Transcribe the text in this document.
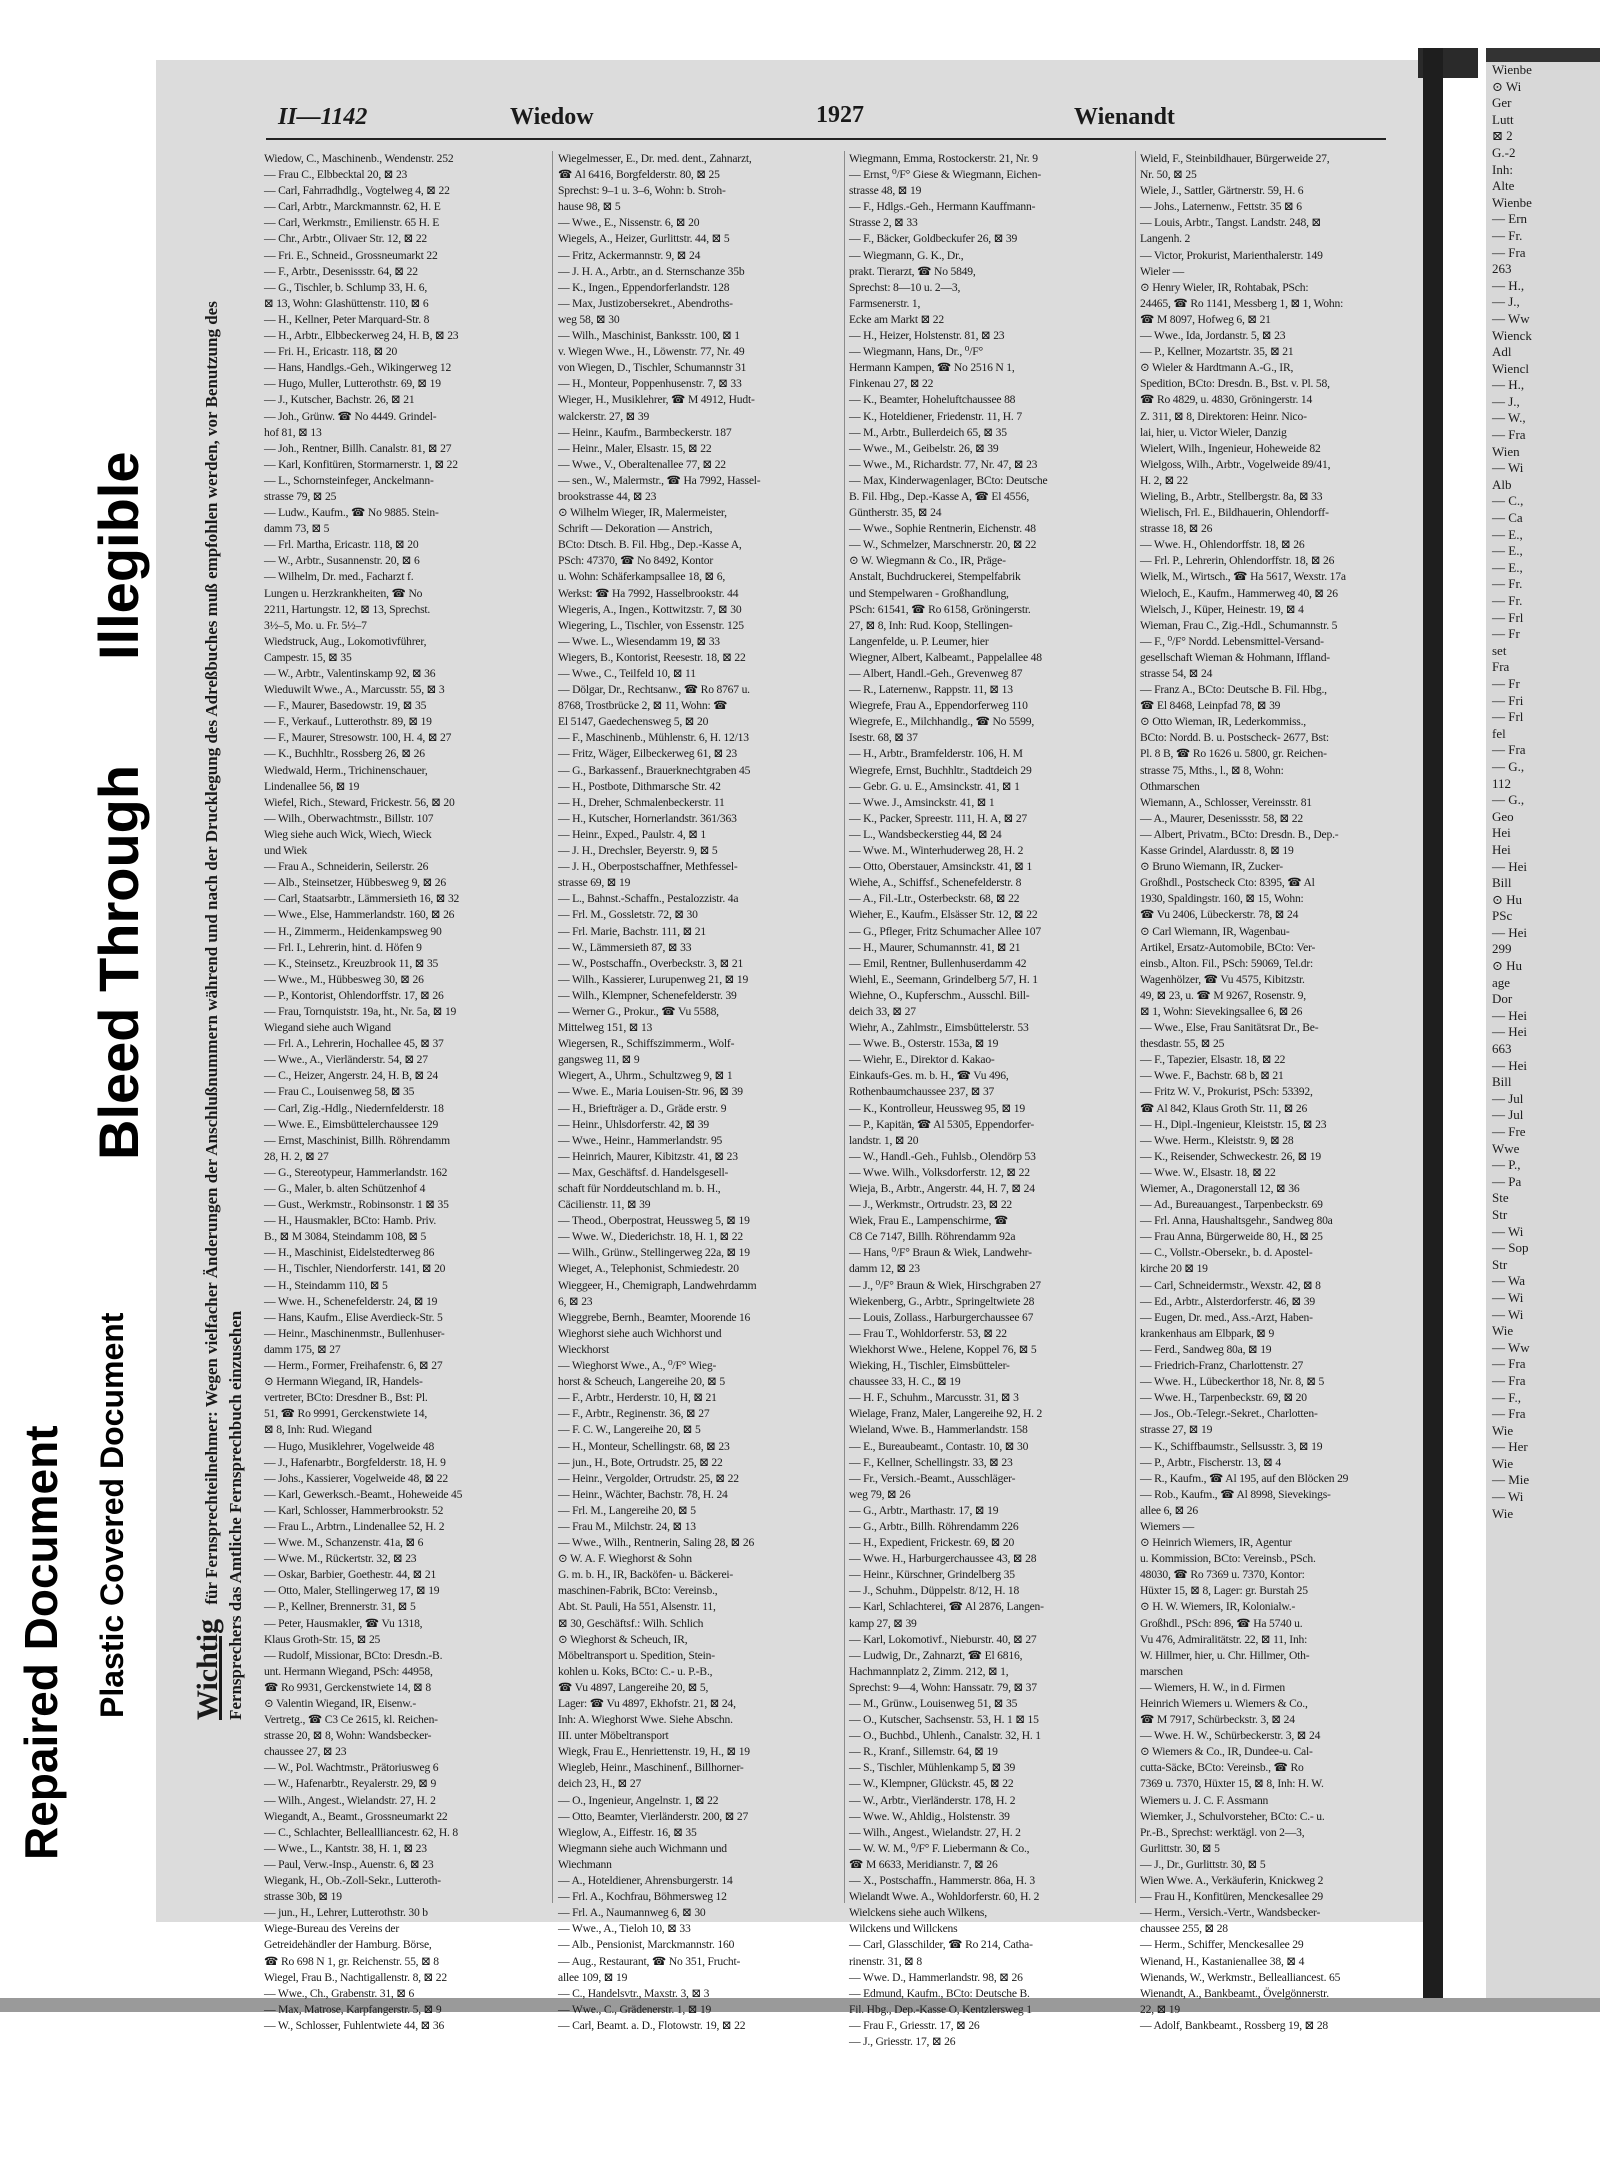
Repaired Document Plastic Covered Document
Bleed Through
Illegible
Wienbe
⊙ Wi
Ger
Lutt
⊠ 2
G.-2
Inh:
Alte
Wienbe
— Ern
— Fr.
— Fra
263
— H.,
— J.,
— Ww
Wienck
Adl
Wiencl
— H.,
— J.,
— W.,
— Fra
Wien
— Wi
Alb
— C.,
— Ca
— E.,
— E.,
— E.,
— Fr.
— Fr.
— Frl
— Fr
set
Fra
— Fr
— Fri
— Frl
fel
— Fra
— G.,
112
— G.,
Geo
Hei
Hei
— Hei
Bill
⊙ Hu
PSc
— Hei
299
⊙ Hu
age
Dor
— Hei
— Hei
663
— Hei
Bill
— Jul
— Jul
— Fre
Wwe
— P.,
— Pa
Ste
Str
— Wi
— Sop
Str
— Wa
— Wi
— Wi
Wie
— Ww
— Fra
— Fra
— F.,
— Fra
Wie
— Her
Wie
— Mie
— Wi
Wie
II—1142	Wiedow	1927	Wienandt
Wichtig für Fernsprechteilnehmer: Wegen vielfacher Änderungen der Anschlußnummern während und nach der Drucklegung des Adreßbuches muß empfohlen werden, vor Benutzung des Fernsprechers das Amtliche Fernsprechbuch einzusehen
Wiedow, C., Maschinenb., Wendenstr. 252
— Frau C., Elbbecktal 20, ⊠ 23
— Carl, Fahrradhdlg., Vogtelweg 4, ⊠ 22
— Carl, Arbtr., Marckmannstr. 62, H. E
— Carl, Werkmstr., Emilienstr. 65 H. E
— Chr., Arbtr., Olivaer Str. 12, ⊠ 22
— Fri. E., Schneid., Grossneumarkt 22
— F., Arbtr., Desenissstr. 64, ⊠ 22
— G., Tischler, b. Schlump 33, H. 6,
⊠ 13, Wohn: Glashüttenstr. 110, ⊠ 6
— H., Kellner, Peter Marquard-Str. 8
— H., Arbtr., Elbbeckerweg 24, H. B, ⊠ 23
— Fri. H., Ericastr. 118, ⊠ 20
— Hans, Handlgs.-Geh., Wikingerweg 12
— Hugo, Muller, Lutterothstr. 69, ⊠ 19
— J., Kutscher, Bachstr. 26, ⊠ 21
— Joh., Grünw. ☎ No 4449. Grindel-
hof 81, ⊠ 13
— Joh., Rentner, Billh. Canalstr. 81, ⊠ 27
— Karl, Konfitüren, Stormarnerstr. 1, ⊠ 22
— L., Schornsteinfeger, Anckelmann-
strasse 79, ⊠ 25
— Ludw., Kaufm., ☎ No 9885. Stein-
damm 73, ⊠ 5
— Frl. Martha, Ericastr. 118, ⊠ 20
— W., Arbtr., Susannenstr. 20, ⊠ 6
— Wilhelm, Dr. med., Facharzt f.
Lungen u. Herzkrankheiten, ☎ No
2211, Hartungstr. 12, ⊠ 13, Sprechst.
3½–5, Mo. u. Fr. 5½–7
Wiedstruck, Aug., Lokomotivführer,
Campestr. 15, ⊠ 35
— W., Arbtr., Valentinskamp 92, ⊠ 36
Wieduwilt Wwe., A., Marcusstr. 55, ⊠ 3
— F., Maurer, Basedowstr. 19, ⊠ 35
— F., Verkauf., Lutterothstr. 89, ⊠ 19
— F., Maurer, Stresowstr. 100, H. 4, ⊠ 27
— K., Buchhltr., Rossberg 26, ⊠ 26
Wiedwald, Herm., Trichinenschauer,
Lindenallee 56, ⊠ 19
Wiefel, Rich., Steward, Frickestr. 56, ⊠ 20
— Wilh., Oberwachtmstr., Billstr. 107
Wieg siehe auch Wick, Wiech, Wieck
und Wiek
— Frau A., Schneiderin, Seilerstr. 26
— Alb., Steinsetzer, Hübbesweg 9, ⊠ 26
— Carl, Staatsarbtr., Lämmersieth 16, ⊠ 32
— Wwe., Else, Hammerlandstr. 160, ⊠ 26
— H., Zimmerm., Heidenkampsweg 90
— Frl. I., Lehrerin, hint. d. Höfen 9
— K., Steinsetz., Kreuzbrook 11, ⊠ 35
— Wwe., M., Hübbesweg 30, ⊠ 26
— P., Kontorist, Ohlendorffstr. 17, ⊠ 26
— Frau, Tornquiststr. 19a, ht., Nr. 5a, ⊠ 19
Wiegand siehe auch Wigand
— Frl. A., Lehrerin, Hochallee 45, ⊠ 37
— Wwe., A., Vierländerstr. 54, ⊠ 27
— C., Heizer, Angerstr. 24, H. B, ⊠ 24
— Frau C., Louisenweg 58, ⊠ 35
— Carl, Zig.-Hdlg., Niedernfelderstr. 18
— Wwe. E., Eimsbüttelerchaussee 129
— Ernst, Maschinist, Billh. Röhrendamm
28, H. 2, ⊠ 27
— G., Stereotypeur, Hammerlandstr. 162
— G., Maler, b. alten Schützenhof 4
— Gust., Werkmstr., Robinsonstr. 1 ⊠ 35
— H., Hausmakler, BCto: Hamb. Priv.
B., ⊠ M 3084, Steindamm 108, ⊠ 5
— H., Maschinist, Eidelstedterweg 86
— H., Tischler, Niendorferstr. 141, ⊠ 20
— H., Steindamm 110, ⊠ 5
— Wwe. H., Schenefelderstr. 24, ⊠ 19
— Hans, Kaufm., Elise Averdieck-Str. 5
— Heinr., Maschinenmstr., Bullenhuser-
damm 175, ⊠ 27
— Herm., Former, Freihafenstr. 6, ⊠ 27
⊙ Hermann Wiegand, IR, Handels-
vertreter, BCto: Dresdner B., Bst: Pl.
51, ☎ Ro 9991, Gerckenstwiete 14,
⊠ 8, Inh: Rud. Wiegand
— Hugo, Musiklehrer, Vogelweide 48
— J., Hafenarbtr., Borgfelderstr. 18, H. 9
— Johs., Kassierer, Vogelweide 48, ⊠ 22
— Karl, Gewerksch.-Beamt., Hoheweide 45
— Karl, Schlosser, Hammerbrookstr. 52
— Frau L., Arbtrn., Lindenallee 52, H. 2
— Wwe. M., Schanzenstr. 41a, ⊠ 6
— Wwe. M., Rückertstr. 32, ⊠ 23
— Oskar, Barbier, Goethestr. 44, ⊠ 21
— Otto, Maler, Stellingerweg 17, ⊠ 19
— P., Kellner, Brennerstr. 31, ⊠ 5
— Peter, Hausmakler, ☎ Vu 1318,
Klaus Groth-Str. 15, ⊠ 25
— Rudolf, Missionar, BCto: Dresdn.-B.
unt. Hermann Wiegand, PSch: 44958,
☎ Ro 9931, Gerckenstwiete 14, ⊠ 8
⊙ Valentin Wiegand, IR, Eisenw.-
Vertretg., ☎ C3 Ce 2615, kl. Reichen-
strasse 20, ⊠ 8, Wohn: Wandsbecker-
chaussee 27, ⊠ 23
— W., Pol. Wachtmstr., Prätoriusweg 6
— W., Hafenarbtr., Reyalerstr. 29, ⊠ 9
— Wilh., Angest., Wielandstr. 27, H. 2
Wiegandt, A., Beamt., Grossneumarkt 22
— C., Schlachter, Belleallliancestr. 62, H. 8
— Wwe., L., Kantstr. 38, H. 1, ⊠ 23
— Paul, Verw.-Insp., Auenstr. 6, ⊠ 23
Wiegank, H., Ob.-Zoll-Sekr., Lutteroth-
strasse 30b, ⊠ 19
— jun., H., Lehrer, Lutterothstr. 30 b
Wiege-Bureau des Vereins der
Getreidehändler der Hamburg. Börse,
☎ Ro 698 N 1, gr. Reichenstr. 55, ⊠ 8
Wiegel, Frau B., Nachtigallenstr. 8, ⊠ 22
— Wwe., Ch., Grabenstr. 31, ⊠ 6
— Max, Matrose, Karpfangerstr. 5, ⊠ 9
— W., Schlosser, Fuhlentwiete 44, ⊠ 36
Wiegelmesser, E., Dr. med. dent., Zahnarzt,
☎ Al 6416, Borgfelderstr. 80, ⊠ 25
Sprechst: 9–1 u. 3–6, Wohn: b. Stroh-
hause 98, ⊠ 5
— Wwe., E., Nissenstr. 6, ⊠ 20
Wiegels, A., Heizer, Gurlittstr. 44, ⊠ 5
— Fritz, Ackermannstr. 9, ⊠ 24
— J. H. A., Arbtr., an d. Sternschanze 35b
— K., Ingen., Eppendorferlandstr. 128
— Max, Justizobersekret., Abendroths-
weg 58, ⊠ 30
— Wilh., Maschinist, Banksstr. 100, ⊠ 1
v. Wiegen Wwe., H., Löwenstr. 77, Nr. 49
von Wiegen, D., Tischler, Schumannstr 31
— H., Monteur, Poppenhusenstr. 7, ⊠ 33
Wieger, H., Musiklehrer, ☎ M 4912, Hudt-
walckerstr. 27, ⊠ 39
— Heinr., Kaufm., Barmbeckerstr. 187
— Heinr., Maler, Elsastr. 15, ⊠ 22
— Wwe., V., Oberaltenallee 77, ⊠ 22
— sen., W., Malermstr., ☎ Ha 7992, Hassel-
brookstrasse 44, ⊠ 23
⊙ Wilhelm Wieger, IR, Malermeister,
Schrift — Dekoration — Anstrich,
BCto: Dtsch. B. Fil. Hbg., Dep.-Kasse A,
PSch: 47370, ☎ No 8492, Kontor
u. Wohn: Schäferkampsallee 18, ⊠ 6,
Werkst: ☎ Ha 7992, Hasselbrookstr. 44
Wiegeris, A., Ingen., Kottwitzstr. 7, ⊠ 30
Wiegering, L., Tischler, von Essenstr. 125
— Wwe. L., Wiesendamm 19, ⊠ 33
Wiegers, B., Kontorist, Reesestr. 18, ⊠ 22
— Wwe., C., Teilfeld 10, ⊠ 11
— Dölgar, Dr., Rechtsanw., ☎ Ro 8767 u.
8768, Trostbrücke 2, ⊠ 11, Wohn: ☎
El 5147, Gaedechensweg 5, ⊠ 20
— F., Maschinenb., Mühlenstr. 6, H. 12/13
— Fritz, Wäger, Eilbeckerweg 61, ⊠ 23
— G., Barkassenf., Brauerknechtgraben 45
— H., Postbote, Dithmarsche Str. 42
— H., Dreher, Schmalenbeckerstr. 11
— H., Kutscher, Hornerlandstr. 361/363
— Heinr., Exped., Paulstr. 4, ⊠ 1
— J. H., Drechsler, Beyerstr. 9, ⊠ 5
— J. H., Oberpostschaffner, Methfessel-
strasse 69, ⊠ 19
— L., Bahnst.-Schaffn., Pestalozzistr. 4a
— Frl. M., Gossletstr. 72, ⊠ 30
— Frl. Marie, Bachstr. 111, ⊠ 21
— W., Lämmersieth 87, ⊠ 33
— W., Postschaffn., Overbeckstr. 3, ⊠ 21
— Wilh., Kassierer, Lurupenweg 21, ⊠ 19
— Wilh., Klempner, Schenefelderstr. 39
— Werner G., Prokur., ☎ Vu 5588,
Mittelweg 151, ⊠ 13
Wiegersen, R., Schiffszimmerm., Wolf-
gangsweg 11, ⊠ 9
Wiegert, A., Uhrm., Schultzweg 9, ⊠ 1
— Wwe. E., Maria Louisen-Str. 96, ⊠ 39
— H., Briefträger a. D., Gräde erstr. 9
— Heinr., Uhlsdorferstr. 42, ⊠ 39
— Wwe., Heinr., Hammerlandstr. 95
— Heinrich, Maurer, Kibitzstr. 41, ⊠ 23
— Max, Geschäftsf. d. Handelsgesell-
schaft für Norddeutschland m. b. H.,
Cäcilienstr. 11, ⊠ 39
— Theod., Oberpostrat, Heussweg 5, ⊠ 19
— Wwe. W., Diederichstr. 18, H. 1, ⊠ 22
— Wilh., Grünw., Stellingerweg 22a, ⊠ 19
Wieget, A., Telephonist, Schmiedestr. 20
Wieggeer, H., Chemigraph, Landwehrdamm
6, ⊠ 23
Wieggrebe, Bernh., Beamter, Moorende 16
Wieghorst siehe auch Wichhorst und
Wieckhorst
— Wieghorst Wwe., A., ⁰/F° Wieg-
horst & Scheuch, Langereihe 20, ⊠ 5
— F., Arbtr., Herderstr. 10, H, ⊠ 21
— F., Arbtr., Reginenstr. 36, ⊠ 27
— F. C. W., Langereihe 20, ⊠ 5
— H., Monteur, Schellingstr. 68, ⊠ 23
— jun., H., Bote, Ortrudstr. 25, ⊠ 22
— Heinr., Vergolder, Ortrudstr. 25, ⊠ 22
— Heinr., Wächter, Bachstr. 78, H. 24
— Frl. M., Langereihe 20, ⊠ 5
— Frau M., Milchstr. 24, ⊠ 13
— Wwe., Wilh., Rentnerin, Saling 28, ⊠ 26
⊙ W. A. F. Wieghorst & Sohn
G. m. b. H., IR, Backöfen- u. Bäckerei-
maschinen-Fabrik, BCto: Vereinsb.,
Abt. St. Pauli, Ha 551, Alsenstr. 11,
⊠ 30, Geschäftsf.: Wilh. Schlich
⊙ Wieghorst & Scheuch, IR,
Möbeltransport u. Spedition, Stein-
kohlen u. Koks, BCto: C.- u. P.-B.,
☎ Vu 4897, Langereihe 20, ⊠ 5,
Lager: ☎ Vu 4897, Ekhofstr. 21, ⊠ 24,
Inh: A. Wieghorst Wwe. Siehe Abschn.
III. unter Möbeltransport
Wiegk, Frau E., Henriettenstr. 19, H., ⊠ 19
Wiegleb, Heinr., Maschinenf., Billhorner-
deich 23, H., ⊠ 27
— O., Ingenieur, Angelnstr. 1, ⊠ 22
— Otto, Beamter, Vierländerstr. 200, ⊠ 27
Wieglow, A., Eiffestr. 16, ⊠ 35
Wiegmann siehe auch Wichmann und
Wiechmann
— A., Hoteldiener, Ahrensburgerstr. 14
— Frl. A., Kochfrau, Böhmersweg 12
— Frl. A., Naumannweg 6, ⊠ 30
— Wwe., A., Tieloh 10, ⊠ 33
— Alb., Pensionist, Marckmannstr. 160
— Aug., Restaurant, ☎ No 351, Frucht-
allee 109, ⊠ 19
— C., Handelsvtr., Maxstr. 3, ⊠ 3
— Wwe., C., Grädenerstr. 1, ⊠ 19
— Carl, Beamt. a. D., Flotowstr. 19, ⊠ 22
Wiegmann, Emma, Rostockerstr. 21, Nr. 9
— Ernst, ⁰/F° Giese & Wiegmann, Eichen-
strasse 48, ⊠ 19
— F., Hdlgs.-Geh., Hermann Kauffmann-
Strasse 2, ⊠ 33
— F., Bäcker, Goldbeckufer 26, ⊠ 39
— Wiegmann, G. K., Dr.,
prakt. Tierarzt, ☎ No 5849,
Sprechst: 8—10 u. 2—3,
Farmsenerstr. 1,
Ecke am Markt ⊠ 22
— H., Heizer, Holstenstr. 81, ⊠ 23
— Wiegmann, Hans, Dr., ⁰/F°
Hermann Kampen, ☎ No 2516 N 1,
Finkenau 27, ⊠ 22
— K., Beamter, Hoheluftchaussee 88
— K., Hoteldiener, Friedenstr. 11, H. 7
— M., Arbtr., Bullerdeich 65, ⊠ 35
— Wwe., M., Geibelstr. 26, ⊠ 39
— Wwe., M., Richardstr. 77, Nr. 47, ⊠ 23
— Max, Kinderwagenlager, BCto: Deutsche
B. Fil. Hbg., Dep.-Kasse A, ☎ El 4556,
Güntherstr. 35, ⊠ 24
— Wwe., Sophie Rentnerin, Eichenstr. 48
— W., Schmelzer, Marschnerstr. 20, ⊠ 22
⊙ W. Wiegmann & Co., IR, Präge-
Anstalt, Buchdruckerei, Stempelfabrik
und Stempelwaren - Großhandlung,
PSch: 61541, ☎ Ro 6158, Gröningerstr.
27, ⊠ 8, Inh: Rud. Koop, Stellingen-
Langenfelde, u. P. Leumer, hier
Wiegner, Albert, Kalbeamt., Pappelallee 48
— Albert, Handl.-Geh., Grevenweg 87
— R., Laternenw., Rappstr. 11, ⊠ 13
Wiegrefe, Frau A., Eppendorferweg 110
Wiegrefe, E., Milchhandlg., ☎ No 5599,
Isestr. 68, ⊠ 37
— H., Arbtr., Bramfelderstr. 106, H. M
Wiegrefe, Ernst, Buchhltr., Stadtdeich 29
— Gebr. G. u. E., Amsinckstr. 41, ⊠ 1
— Wwe. J., Amsinckstr. 41, ⊠ 1
— K., Packer, Spreestr. 111, H. A, ⊠ 27
— L., Wandsbeckerstieg 44, ⊠ 24
— Wwe. M., Winterhuderweg 28, H. 2
— Otto, Oberstauer, Amsinckstr. 41, ⊠ 1
Wiehe, A., Schiffsf., Schenefelderstr. 8
— A., Fil.-Ltr., Osterbeckstr. 68, ⊠ 22
Wieher, E., Kaufm., Elsässer Str. 12, ⊠ 22
— G., Pfleger, Fritz Schumacher Allee 107
— H., Maurer, Schumannstr. 41, ⊠ 21
— Emil, Rentner, Bullenhuserdamm 42
Wiehl, E., Seemann, Grindelberg 5/7, H. 1
Wiehne, O., Kupferschm., Ausschl. Bill-
deich 33, ⊠ 27
Wiehr, A., Zahlmstr., Eimsbüttelerstr. 53
— Wwe. B., Osterstr. 153a, ⊠ 19
— Wiehr, E., Direktor d. Kakao-
Einkaufs-Ges. m. b. H., ☎ Vu 496,
Rothenbaumchaussee 237, ⊠ 37
— K., Kontrolleur, Heussweg 95, ⊠ 19
— P., Kapitän, ☎ Al 5305, Eppendorfer-
landstr. 1, ⊠ 20
— W., Handl.-Geh., Fuhlsb., Olendörp 53
— Wwe. Wilh., Volksdorferstr. 12, ⊠ 22
Wieja, B., Arbtr., Angerstr. 44, H. 7, ⊠ 24
— J., Werkmstr., Ortrudstr. 23, ⊠ 22
Wiek, Frau E., Lampenschirme, ☎
C8 Ce 7147, Billh. Röhrendamm 92a
— Hans, ⁰/F° Braun & Wiek, Landwehr-
damm 12, ⊠ 23
— J., ⁰/F° Braun & Wiek, Hirschgraben 27
Wiekenberg, G., Arbtr., Springeltwiete 28
— Louis, Zollass., Harburgerchaussee 67
— Frau T., Wohldorferstr. 53, ⊠ 22
Wiekhorst Wwe., Helene, Koppel 76, ⊠ 5
Wieking, H., Tischler, Eimsbütteler-
chaussee 33, H. C., ⊠ 19
— H. F., Schuhm., Marcusstr. 31, ⊠ 3
Wielage, Franz, Maler, Langereihe 92, H. 2
Wieland, Wwe. B., Hammerlandstr. 158
— E., Bureaubeamt., Contastr. 10, ⊠ 30
— F., Kellner, Schellingstr. 33, ⊠ 23
— Fr., Versich.-Beamt., Ausschläger-
weg 79, ⊠ 26
— G., Arbtr., Marthastr. 17, ⊠ 19
— G., Arbtr., Billh. Röhrendamm 226
— H., Expedient, Frickestr. 69, ⊠ 20
— Wwe. H., Harburgerchaussee 43, ⊠ 28
— Heinr., Kürschner, Grindelberg 35
— J., Schuhm., Düppelstr. 8/12, H. 18
— Karl, Schlachterei, ☎ Al 2876, Langen-
kamp 27, ⊠ 39
— Karl, Lokomotivf., Nieburstr. 40, ⊠ 27
— Ludwig, Dr., Zahnarzt, ☎ El 6816,
Hachmannplatz 2, Zimm. 212, ⊠ 1,
Sprechst: 9—4, Wohn: Hanssatr. 79, ⊠ 37
— M., Grünw., Louisenweg 51, ⊠ 35
— O., Kutscher, Sachsenstr. 53, H. 1 ⊠ 15
— O., Buchbd., Uhlenh., Canalstr. 32, H. 1
— R., Kranf., Sillemstr. 64, ⊠ 19
— S., Tischler, Mühlenkamp 5, ⊠ 39
— W., Klempner, Glückstr. 45, ⊠ 22
— W., Arbtr., Vierländerstr. 178, H. 2
— Wwe. W., Ahldig., Holstenstr. 39
— Wilh., Angest., Wielandstr. 27, H. 2
— W. W. M., ⁰/F° F. Liebermann & Co.,
☎ M 6633, Meridianstr. 7, ⊠ 26
— X., Postschaffn., Hammerstr. 86a, H. 3
Wielandt Wwe. A., Wohldorferstr. 60, H. 2
Wielckens siehe auch Wilkens,
Wilckens und Willckens
— Carl, Glasschilder, ☎ Ro 214, Catha-
rinenstr. 31, ⊠ 8
— Wwe. D., Hammerlandstr. 98, ⊠ 26
— Edmund, Kaufm., BCto: Deutsche B.
Fil. Hbg., Dep.-Kasse O, Kentzlersweg 1
— Frau F., Griesstr. 17, ⊠ 26
— J., Griesstr. 17, ⊠ 26
Wield, F., Steinbildhauer, Bürgerweide 27,
Nr. 50, ⊠ 25
Wiele, J., Sattler, Gärtnerstr. 59, H. 6
— Johs., Laternenw., Fettstr. 35 ⊠ 6
— Louis, Arbtr., Tangst. Landstr. 248, ⊠
Langenh. 2
— Victor, Prokurist, Marienthalerstr. 149
Wieler —
⊙ Henry Wieler, IR, Rohtabak, PSch:
24465, ☎ Ro 1141, Messberg 1, ⊠ 1, Wohn:
☎ M 8097, Hofweg 6, ⊠ 21
— Wwe., Ida, Jordanstr. 5, ⊠ 23
— P., Kellner, Mozartstr. 35, ⊠ 21
⊙ Wieler & Hardtmann A.-G., IR,
Spedition, BCto: Dresdn. B., Bst. v. Pl. 58,
☎ Ro 4829, u. 4830, Gröningerstr. 14
Z. 311, ⊠ 8, Direktoren: Heinr. Nico-
lai, hier, u. Victor Wieler, Danzig
Wielert, Wilh., Ingenieur, Hoheweide 82
Wielgoss, Wilh., Arbtr., Vogelweide 89/41,
H. 2, ⊠ 22
Wieling, B., Arbtr., Stellbergstr. 8a, ⊠ 33
Wielisch, Frl. E., Bildhauerin, Ohlendorff-
strasse 18, ⊠ 26
— Wwe. H., Ohlendorffstr. 18, ⊠ 26
— Frl. P., Lehrerin, Ohlendorffstr. 18, ⊠ 26
Wielk, M., Wirtsch., ☎ Ha 5617, Wexstr. 17a
Wieloch, E., Kaufm., Hammerweg 40, ⊠ 26
Wielsch, J., Küper, Heinestr. 19, ⊠ 4
Wieman, Frau C., Zig.-Hdl., Schumannstr. 5
— F., ⁰/F° Nordd. Lebensmittel-Versand-
gesellschaft Wieman & Hohmann, Iffland-
strasse 54, ⊠ 24
— Franz A., BCto: Deutsche B. Fil. Hbg.,
☎ El 8468, Leinpfad 78, ⊠ 39
⊙ Otto Wieman, IR, Lederkommiss.,
BCto: Nordd. B. u. Postscheck- 2677, Bst:
Pl. 8 B, ☎ Ro 1626 u. 5800, gr. Reichen-
strasse 75, Mths., l., ⊠ 8, Wohn:
Othmarschen
Wiemann, A., Schlosser, Vereinsstr. 81
— A., Maurer, Desenissstr. 58, ⊠ 22
— Albert, Privatm., BCto: Dresdn. B., Dep.-
Kasse Grindel, Alardusstr. 8, ⊠ 19
⊙ Bruno Wiemann, IR, Zucker-
Großhdl., Postscheck Cto: 8395, ☎ Al
1930, Spaldingstr. 160, ⊠ 15, Wohn:
☎ Vu 2406, Lübeckerstr. 78, ⊠ 24
⊙ Carl Wiemann, IR, Wagenbau-
Artikel, Ersatz-Automobile, BCto: Ver-
einsb., Alton. Fil., PSch: 59069, Tel.dr:
Wagenhölzer, ☎ Vu 4575, Kibitzstr.
49, ⊠ 23, u. ☎ M 9267, Rosenstr. 9,
⊠ 1, Wohn: Sievekingsallee 6, ⊠ 26
— Wwe., Else, Frau Sanitätsrat Dr., Be-
thesdastr. 55, ⊠ 25
— F., Tapezier, Elsastr. 18, ⊠ 22
— Wwe. F., Bachstr. 68 b, ⊠ 21
— Fritz W. V., Prokurist, PSch: 53392,
☎ Al 842, Klaus Groth Str. 11, ⊠ 26
— H., Dipl.-Ingenieur, Kleiststr. 15, ⊠ 23
— Wwe. Herm., Kleiststr. 9, ⊠ 28
— K., Reisender, Schweckestr. 26, ⊠ 19
— Wwe. W., Elsastr. 18, ⊠ 22
Wiemer, A., Dragonerstall 12, ⊠ 36
— Ad., Bureauangest., Tarpenbeckstr. 69
— Frl. Anna, Haushaltsgehr., Sandweg 80a
— Frau Anna, Bürgerweide 80, H., ⊠ 25
— C., Vollstr.-Obersekr., b. d. Apostel-
kirche 20 ⊠ 19
— Carl, Schneidermstr., Wexstr. 42, ⊠ 8
— Ed., Arbtr., Alsterdorferstr. 46, ⊠ 39
— Eugen, Dr. med., Ass.-Arzt, Haben-
krankenhaus am Elbpark, ⊠ 9
— Ferd., Sandweg 80a, ⊠ 19
— Friedrich-Franz, Charlottenstr. 27
— Wwe. H., Lübeckerthor 18, Nr. 8, ⊠ 5
— Wwe. H., Tarpenbeckstr. 69, ⊠ 20
— Jos., Ob.-Telegr.-Sekret., Charlotten-
strasse 27, ⊠ 19
— K., Schiffbaumstr., Sellsusstr. 3, ⊠ 19
— P., Arbtr., Fischerstr. 13, ⊠ 4
— R., Kaufm., ☎ Al 195, auf den Blöcken 29
— Rob., Kaufm., ☎ Al 8998, Sievekings-
allee 6, ⊠ 26
Wiemers —
⊙ Heinrich Wiemers, IR, Agentur
u. Kommission, BCto: Vereinsb., PSch.
48030, ☎ Ro 7369 u. 7370, Kontor:
Hüxter 15, ⊠ 8, Lager: gr. Burstah 25
⊙ H. W. Wiemers, IR, Kolonialw.-
Großhdl., PSch: 896, ☎ Ha 5740 u.
Vu 476, Admiralitätstr. 22, ⊠ 11, Inh:
W. Hillmer, hier, u. Chr. Hillmer, Oth-
marschen
— Wiemers, H. W., in d. Firmen
Heinrich Wiemers u. Wiemers & Co.,
☎ M 7917, Schürbeckstr. 3, ⊠ 24
— Wwe. H. W., Schürbeckerstr. 3, ⊠ 24
⊙ Wiemers & Co., IR, Dundee-u. Cal-
cutta-Säcke, BCto: Vereinsb., ☎ Ro
7369 u. 7370, Hüxter 15, ⊠ 8, Inh: H. W.
Wiemers u. J. C. F. Assmann
Wiemker, J., Schulvorsteher, BCto: C.- u.
Pr.-B., Sprechst: werktägl. von 2—3,
Gurlittstr. 30, ⊠ 5
— J., Dr., Gurlittstr. 30, ⊠ 5
Wien Wwe. A., Verkäuferin, Knickweg 2
— Frau H., Konfitüren, Menckesallee 29
— Herm., Versich.-Vertr., Wandsbecker-
chaussee 255, ⊠ 28
— Herm., Schiffer, Menckesallee 29
Wienand, H., Kastanienallee 38, ⊠ 4
Wienands, W., Werkmstr., Bellealliancest. 65
Wienandt, A., Bankbeamt., Övelgönnerstr.
22, ⊠ 19
— Adolf, Bankbeamt., Rossberg 19, ⊠ 28
